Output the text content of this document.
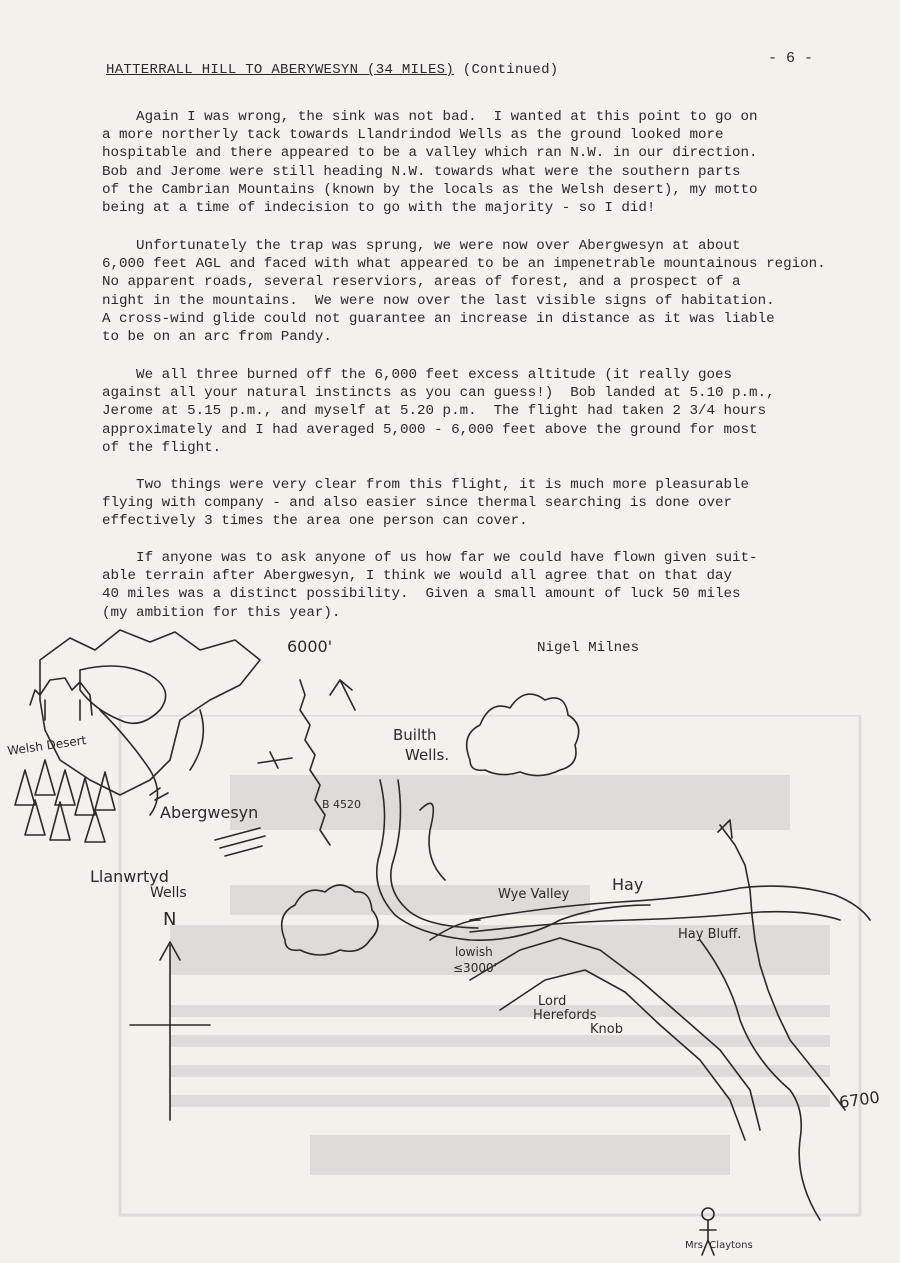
- 6 -
HATTERRALL HILL TO ABERYWESYN (34 MILES) (Continued)
Again I was wrong, the sink was not bad.  I wanted at this point to go on
a more northerly tack towards Llandrindod Wells as the ground looked more
hospitable and there appeared to be a valley which ran N.W. in our direction.
Bob and Jerome were still heading N.W. towards what were the southern parts
of the Cambrian Mountains (known by the locals as the Welsh desert), my motto
being at a time of indecision to go with the majority - so I did!
Unfortunately the trap was sprung, we were now over Abergwesyn at about
6,000 feet AGL and faced with what appeared to be an impenetrable mountainous region.
No apparent roads, several reserviors, areas of forest, and a prospect of a
night in the mountains.  We were now over the last visible signs of habitation.
A cross-wind glide could not guarantee an increase in distance as it was liable
to be on an arc from Pandy.
We all three burned off the 6,000 feet excess altitude (it really goes
against all your natural instincts as you can guess!)  Bob landed at 5.10 p.m.,
Jerome at 5.15 p.m., and myself at 5.20 p.m.  The flight had taken 2 3/4 hours
approximately and I had averaged 5,000 - 6,000 feet above the ground for most
of the flight.
Two things were very clear from this flight, it is much more pleasurable
flying with company - and also easier since thermal searching is done over
effectively 3 times the area one person can cover.
If anyone was to ask anyone of us how far we could have flown given suit-
able terrain after Abergwesyn, I think we would all agree that on that day
40 miles was a distinct possibility.  Given a small amount of luck 50 miles
(my ambition for this year).
Nigel Milnes
6000'
Builth
Wells.
B 4520
Welsh Desert
Abergwesyn
Llanwrtyd
Wells
N
Hay
Wye Valley
Hay Bluff.
lowish
≤3000'
Lord
Herefords
Knob
6700
Mrs. Claytons
